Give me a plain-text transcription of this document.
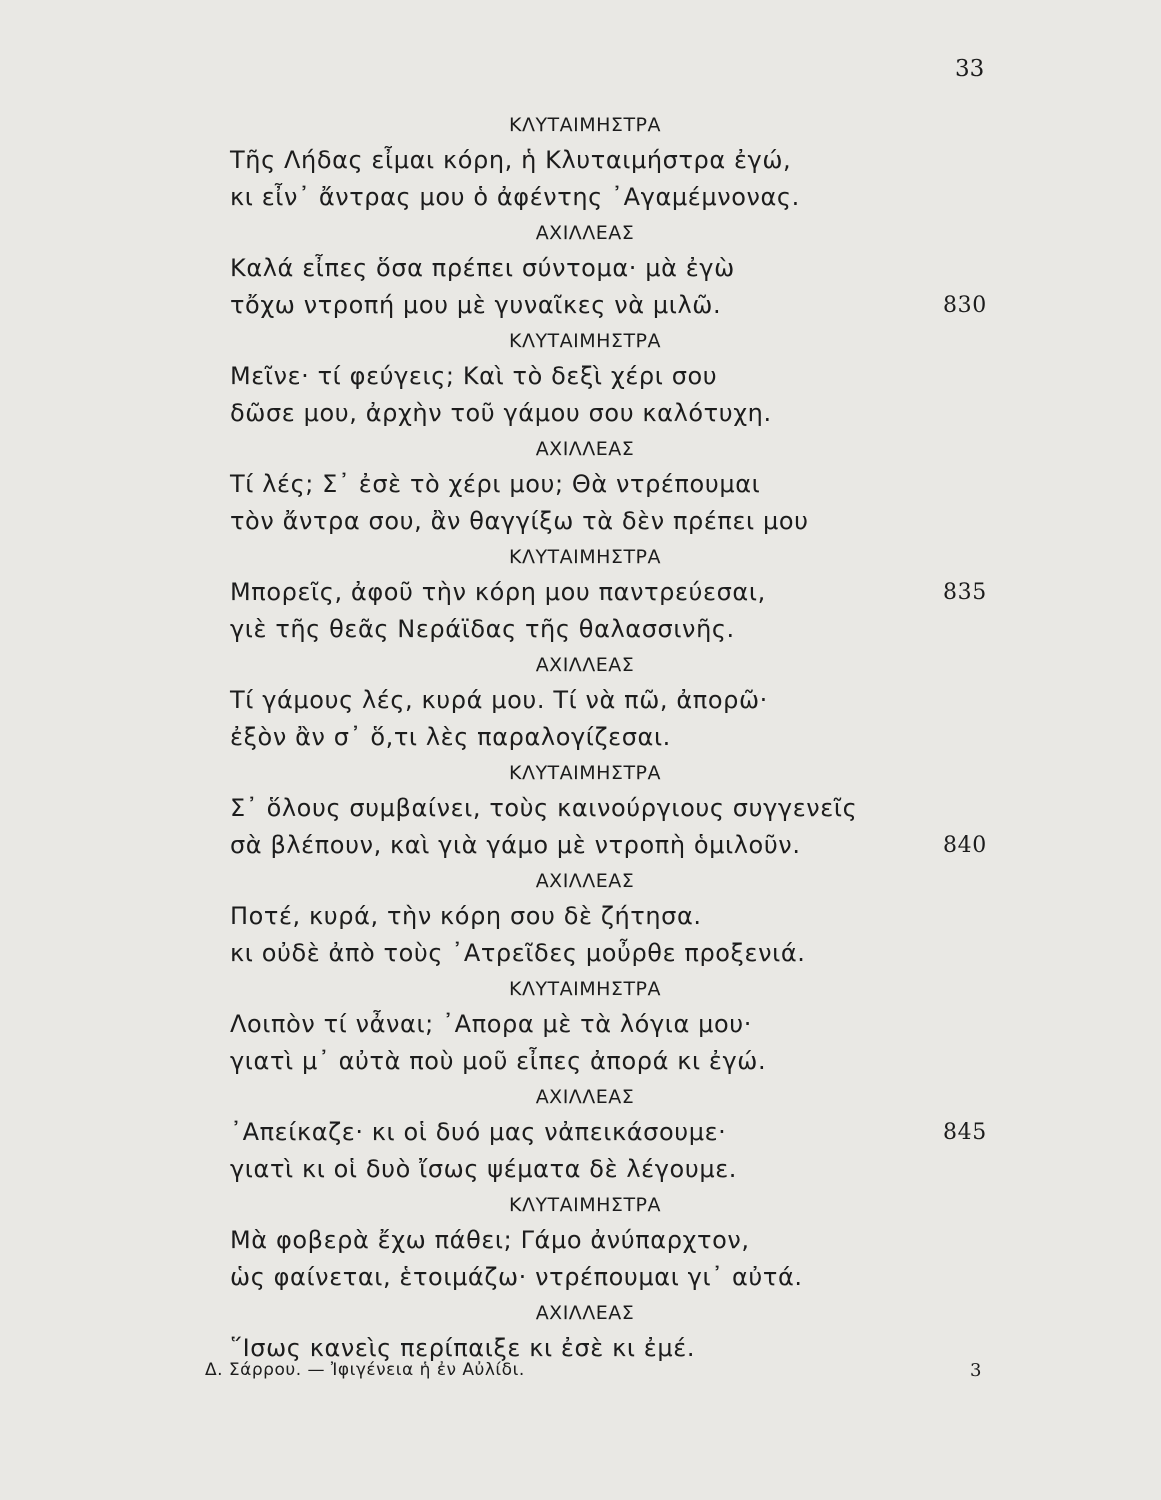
33
ΚΛΥΤΑΙΜΗΣΤΡΑ
Τῆς Λήδας εἶμαι κόρη, ἡ Κλυταιμήστρα ἐγώ,
κι εἶν᾽ ἄντρας μου ὁ ἀφέντης ᾽Αγαμέμνονας.
ΑΧΙΛΛΕΑΣ
Καλά εἶπες ὅσα πρέπει σύντομα· μὰ ἐγὼ
τὄχω ντροπή μου μὲ γυναῖκες νὰ μιλῶ.	830
ΚΛΥΤΑΙΜΗΣΤΡΑ
Μεῖνε· τί φεύγεις; Καὶ τὸ δεξὶ χέρι σου
δῶσε μου, ἀρχὴν τοῦ γάμου σου καλότυχη.
ΑΧΙΛΛΕΑΣ
Τί λές; Σ᾽ ἐσὲ τὸ χέρι μου; Θὰ ντρέπουμαι
τὸν ἄντρα σου, ἂν θαγγίξω τὰ δὲν πρέπει μου
ΚΛΥΤΑΙΜΗΣΤΡΑ
Μπορεῖς, ἀφοῦ τὴν κόρη μου παντρεύεσαι,	835
γιὲ τῆς θεᾶς Νεράϊδας τῆς θαλασσινῆς.
ΑΧΙΛΛΕΑΣ
Τί γάμους λές, κυρά μου. Τί νὰ πῶ, ἀπορῶ·
ἐξὸν ἂν σ᾽ ὅ,τι λὲς παραλογίζεσαι.
ΚΛΥΤΑΙΜΗΣΤΡΑ
Σ᾽ ὅλους συμβαίνει, τοὺς καινούργιους συγγενεῖς
σὰ βλέπουν, καὶ γιὰ γάμο μὲ ντροπὴ ὁμιλοῦν.	840
ΑΧΙΛΛΕΑΣ
Ποτέ, κυρά, τὴν κόρη σου δὲ ζήτησα.
κι οὐδὲ ἀπὸ τοὺς ᾽Ατρεῖδες μοὖρθε προξενιά.
ΚΛΥΤΑΙΜΗΣΤΡΑ
Λοιπὸν τί νἆναι; ᾽Απορα μὲ τὰ λόγια μου·
γιατὶ μ᾽ αὐτὰ ποὺ μοῦ εἶπες ἀπορά κι ἐγώ.
ΑΧΙΛΛΕΑΣ
᾽Απείκαζε· κι οἱ δυό μας νἀπεικάσουμε·	845
γιατὶ κι οἱ δυὸ ἴσως ψέματα δὲ λέγουμε.
ΚΛΥΤΑΙΜΗΣΤΡΑ
Μὰ φοβερὰ ἔχω πάθει; Γάμο ἀνύπαρχτον,
ὡς φαίνεται, ἑτοιμάζω· ντρέπουμαι γι᾽ αὐτά.
ΑΧΙΛΛΕΑΣ
῞Ισως κανεὶς περίπαιξε κι ἐσὲ κι ἐμέ.
Δ. Σάρρου. — Ἰφιγένεια ἡ ἐν Αὐλίδι.	3
